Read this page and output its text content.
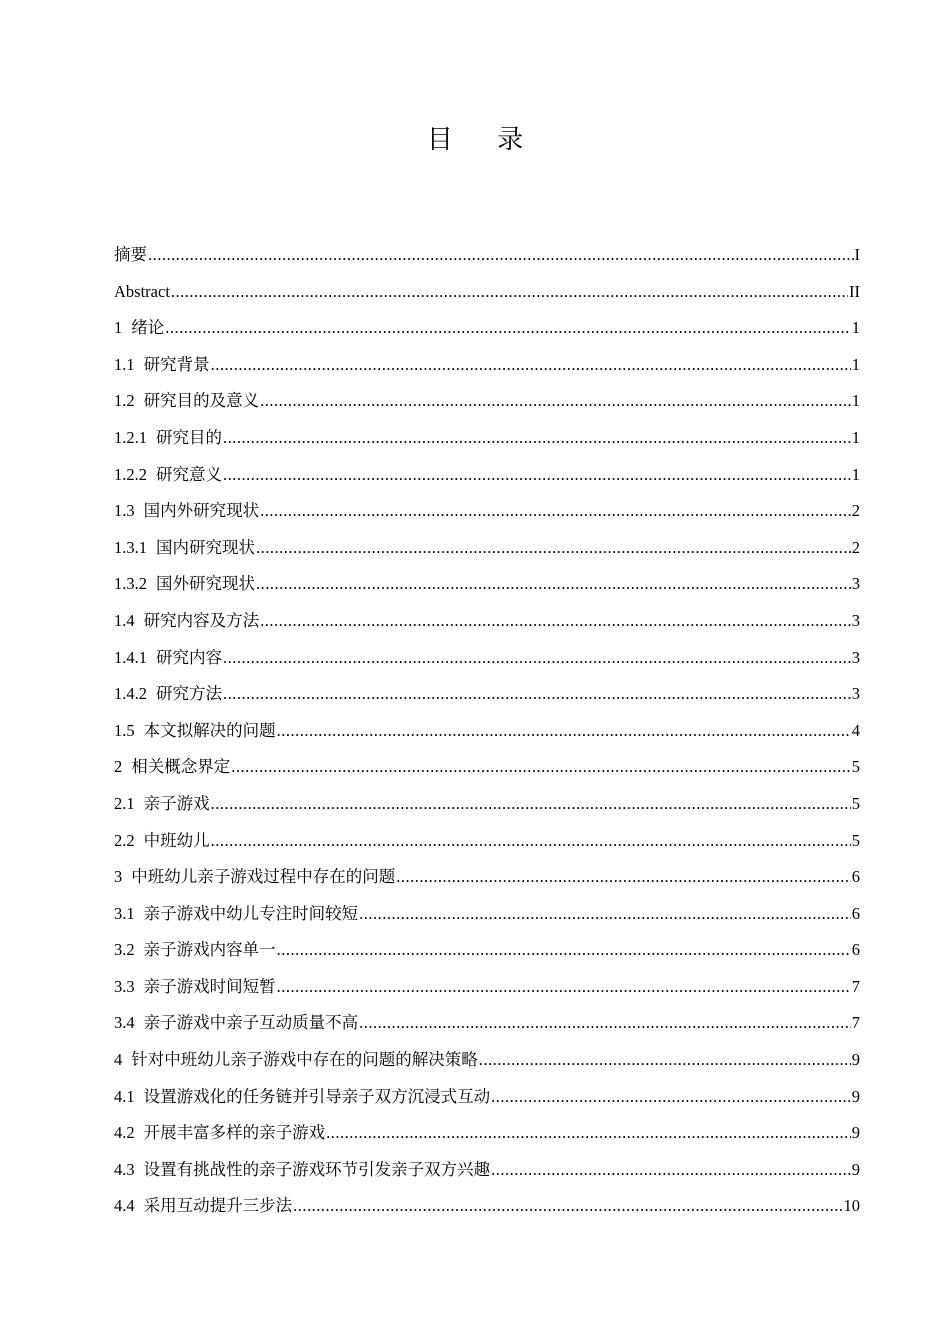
目 录
摘要 .....	I
Abstract .....	II
1 绪论 .....	1
1.1 研究背景 .....	1
1.2 研究目的及意义 .....	1
1.2.1 研究目的 .....	1
1.2.2 研究意义 .....	1
1.3 国内外研究现状 .....	2
1.3.1 国内研究现状 .....	2
1.3.2 国外研究现状 .....	3
1.4 研究内容及方法 .....	3
1.4.1 研究内容 .....	3
1.4.2 研究方法 .....	3
1.5 本文拟解决的问题 .....	4
2 相关概念界定 .....	5
2.1 亲子游戏 .....	5
2.2 中班幼儿 .....	5
3 中班幼儿亲子游戏过程中存在的问题 .....	6
3.1 亲子游戏中幼儿专注时间较短 .....	6
3.2 亲子游戏内容单一 .....	6
3.3 亲子游戏时间短暂 .....	7
3.4 亲子游戏中亲子互动质量不高 .....	7
4 针对中班幼儿亲子游戏中存在的问题的解决策略 .....	9
4.1 设置游戏化的任务链并引导亲子双方沉浸式互动 .....	9
4.2 开展丰富多样的亲子游戏 .....	9
4.3 设置有挑战性的亲子游戏环节引发亲子双方兴趣 .....	9
4.4 采用互动提升三步法 .....	10
